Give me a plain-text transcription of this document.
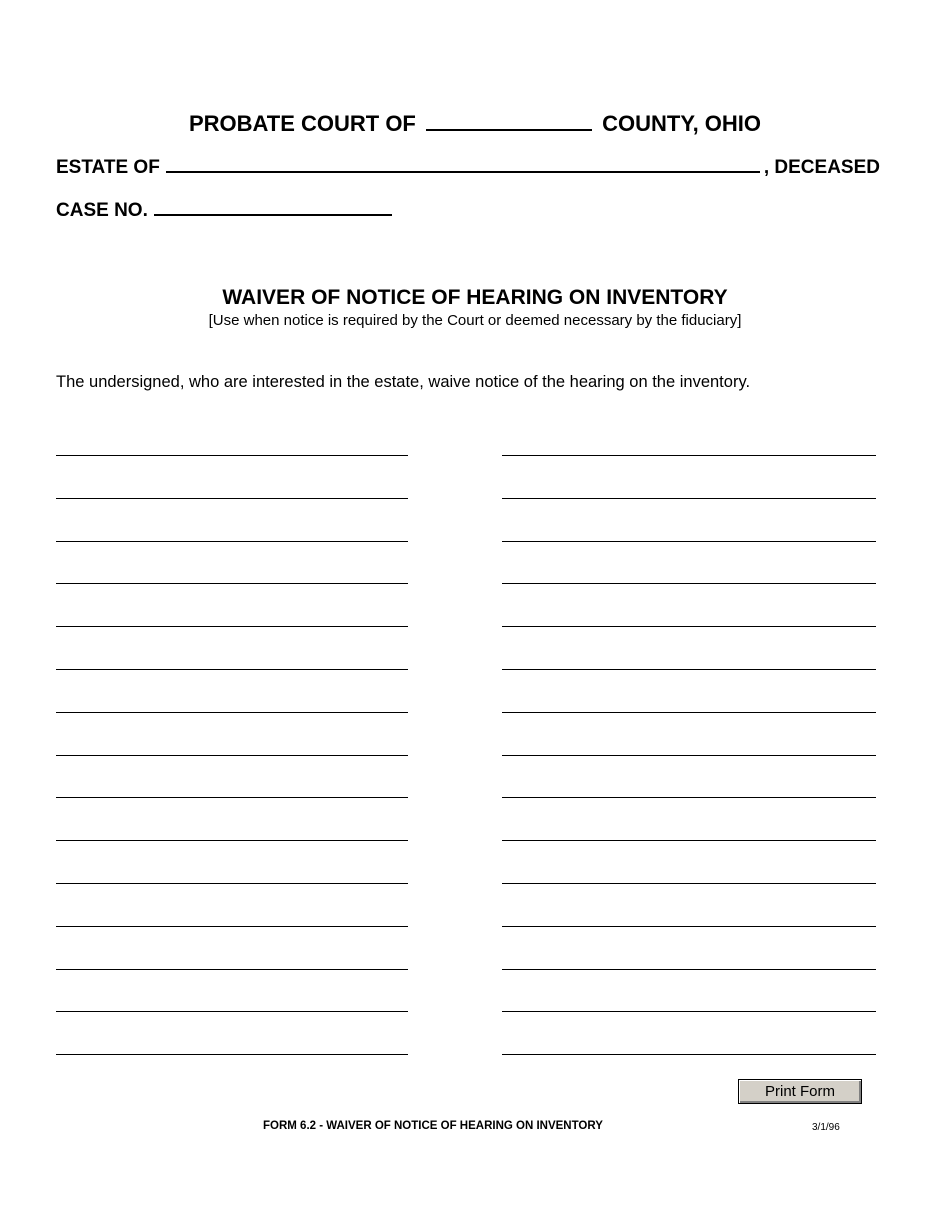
PROBATE COURT OF	COUNTY, OHIO
ESTATE OF	, DECEASED
CASE NO.
WAIVER OF NOTICE OF HEARING ON INVENTORY
[Use when notice is required by the Court or deemed necessary by the fiduciary]
The undersigned, who are interested in the estate, waive notice of the hearing on the inventory.
Print Form
FORM 6.2 - WAIVER OF NOTICE OF HEARING ON INVENTORY	3/1/96
